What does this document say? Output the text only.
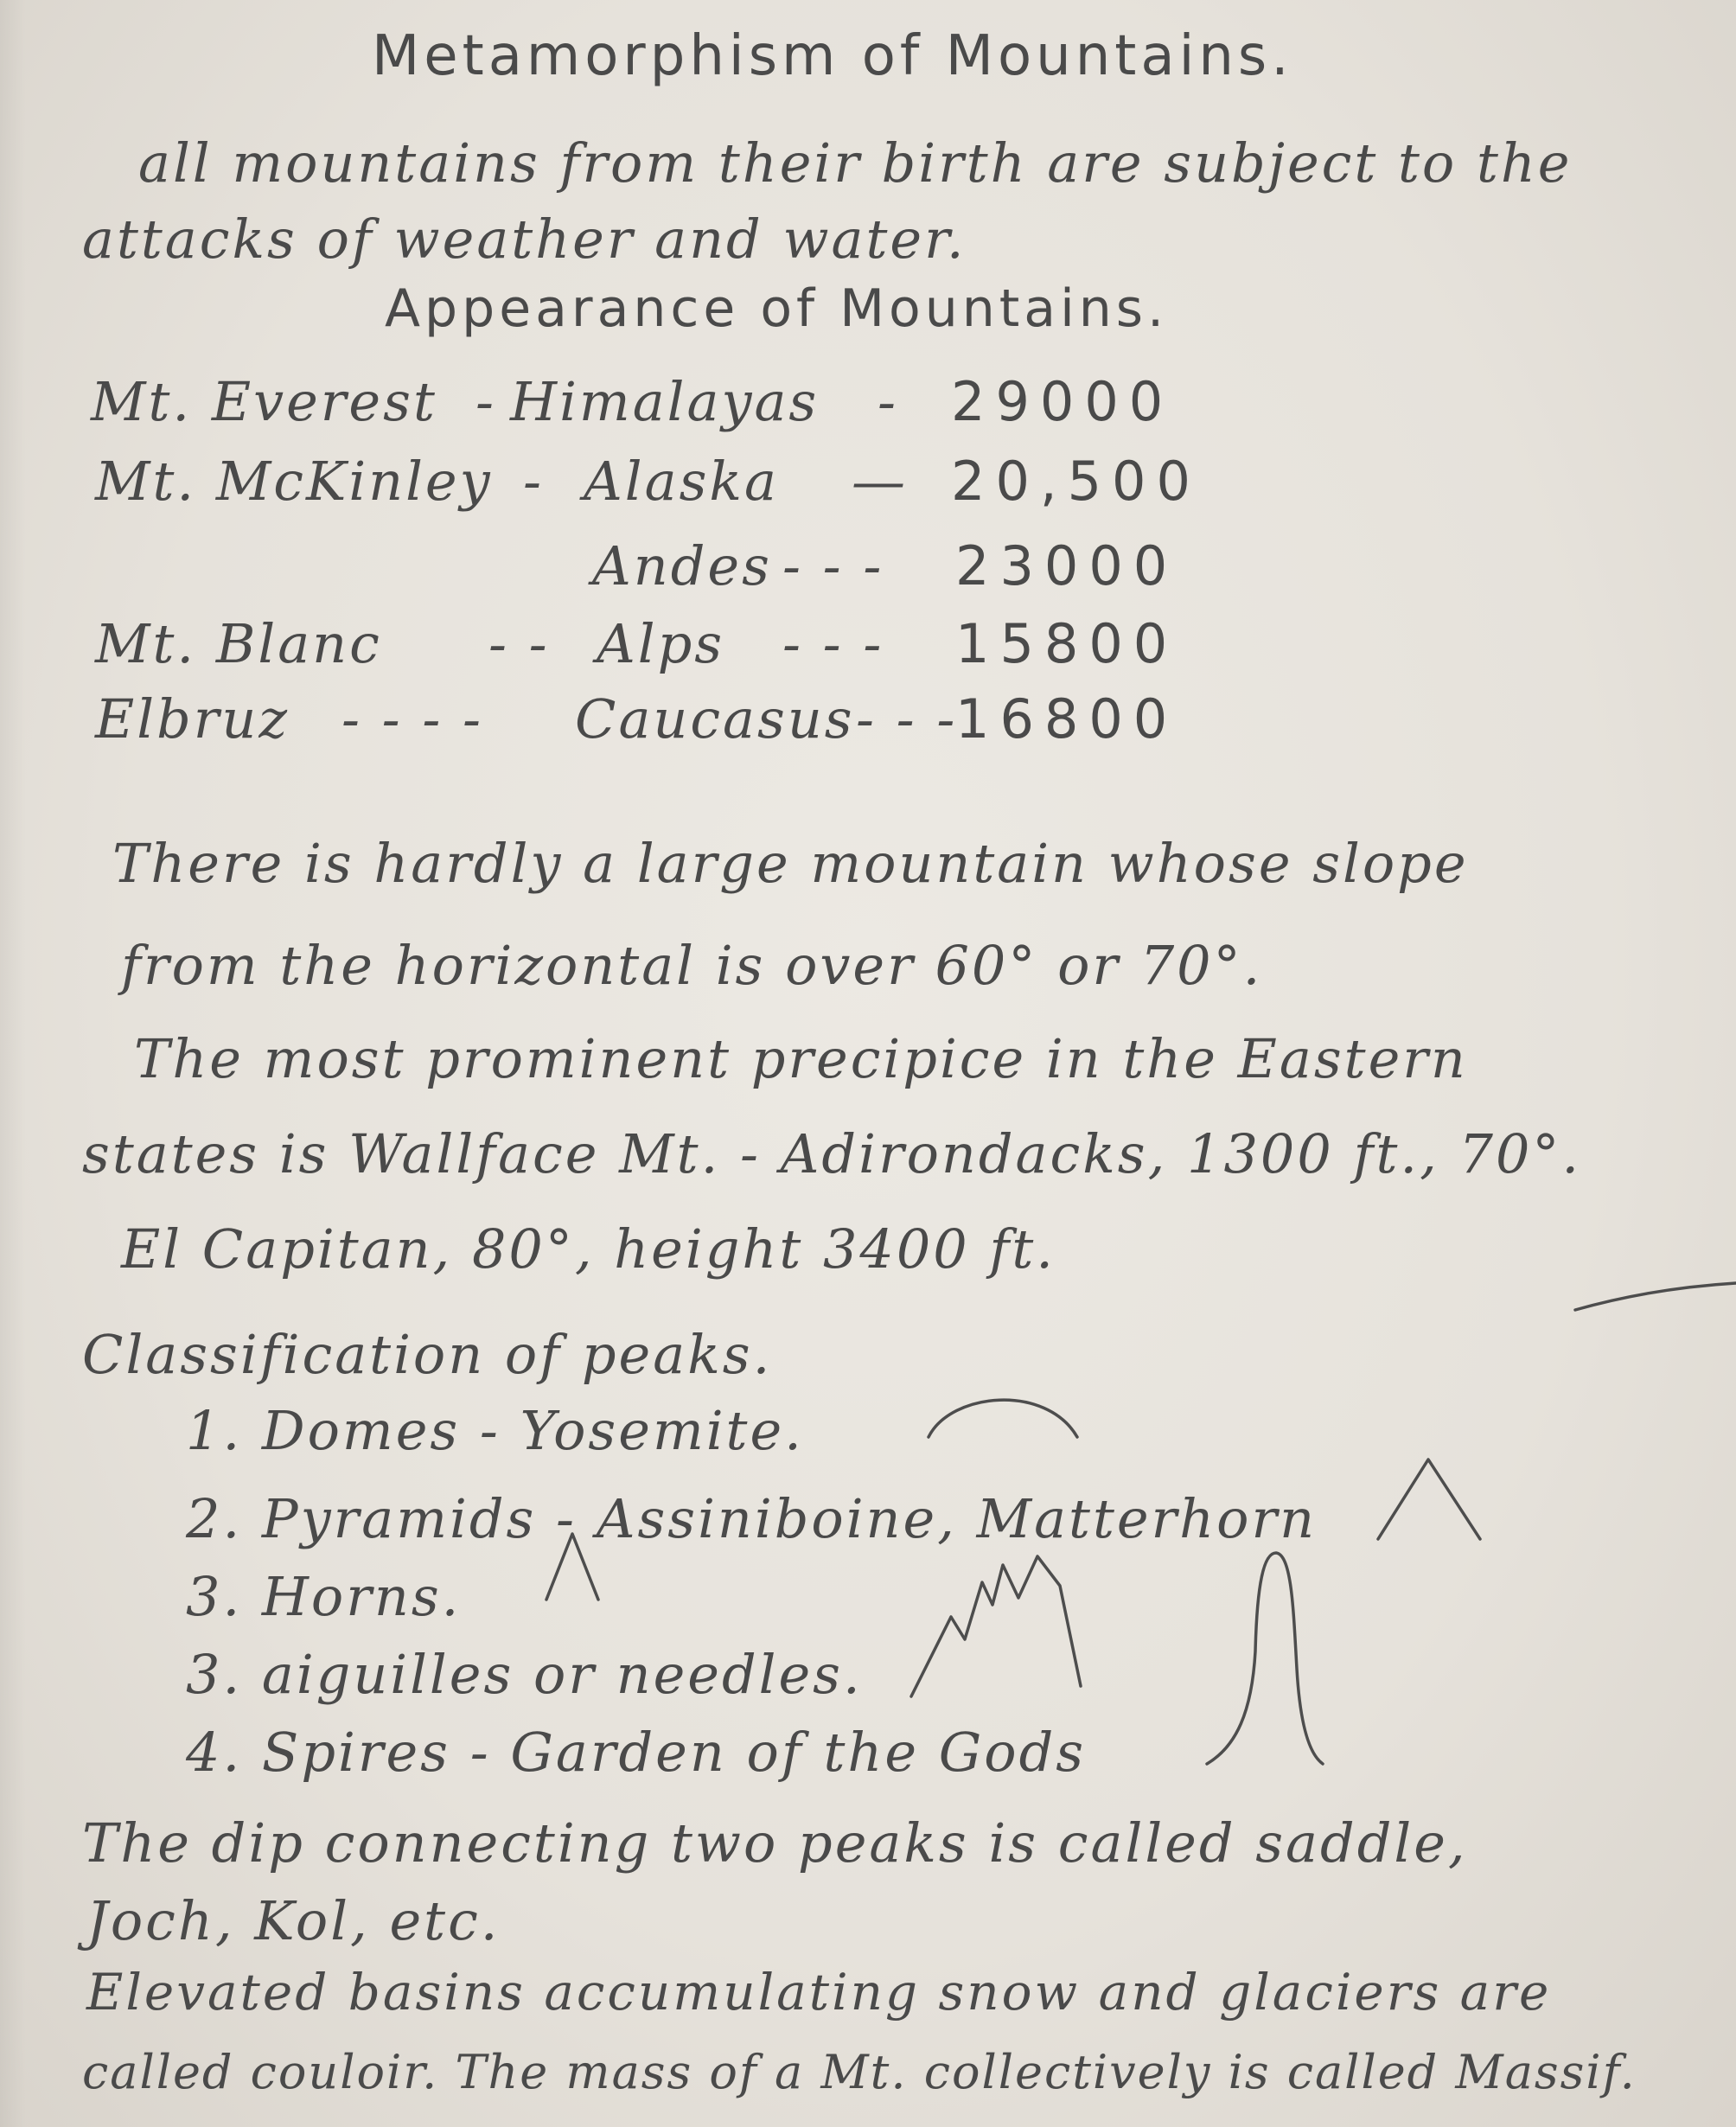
Metamorphism of Mountains.
all mountains from their birth are subject to the
attacks of weather and water.
Appearance of Mountains.
Mt. Everest - Himalayas - 29000
Mt. McKinley - Alaska — 20,500
Andes - - - 23000
Mt. Blanc - - Alps - - - 15800
Elbruz - - - - Caucasus - - -
16800
There is hardly a large mountain whose slope
from the horizontal is over 60° or 70°.
The most prominent precipice in the Eastern
states is Wallface Mt. - Adirondacks, 1300 ft., 70°.
El Capitan, 80°, height 3400 ft.
Classification of peaks.
1. Domes - Yosemite.
2. Pyramids - Assiniboine, Matterhorn
3. Horns.
3. aiguilles or needles.
4. Spires - Garden of the Gods
The dip connecting two peaks is called saddle,
Joch, Kol, etc.
Elevated basins accumulating snow and glaciers are
called couloir. The mass of a Mt. collectively is called Massif.
